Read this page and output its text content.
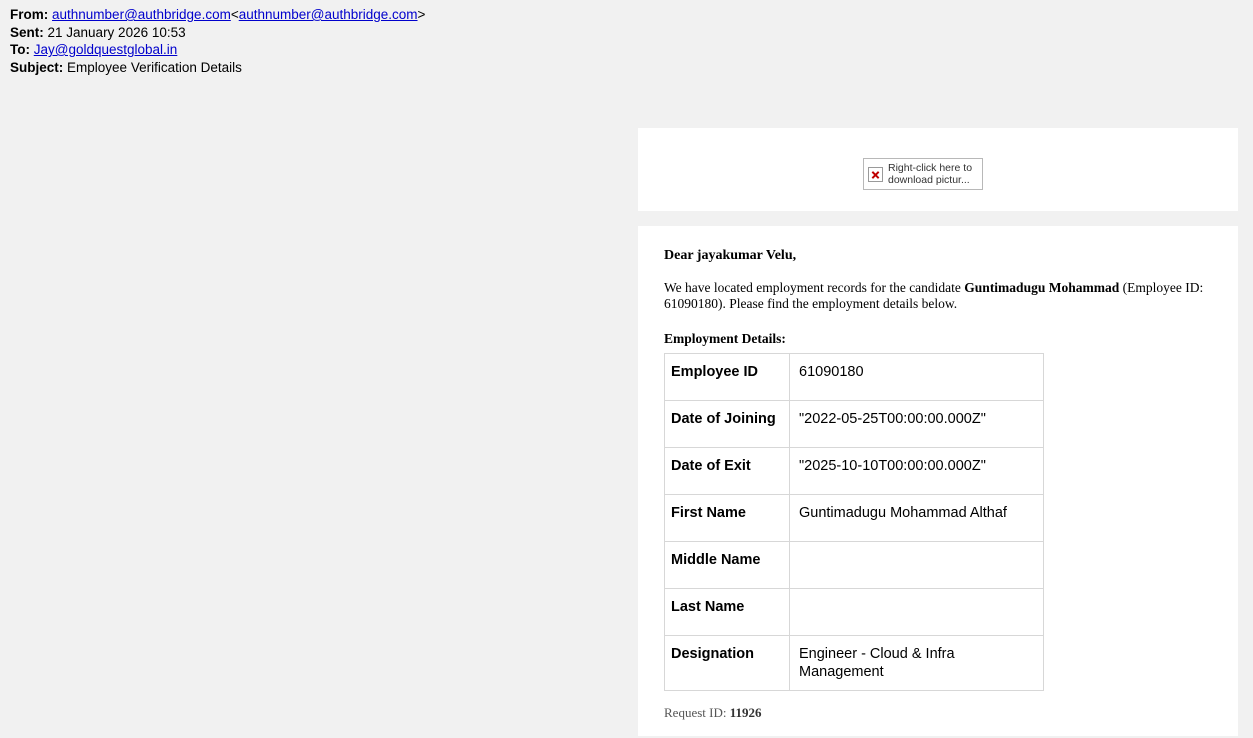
From: authnumber@authbridge.com<authnumber@authbridge.com>
Sent: 21 January 2026 10:53
To: Jay@goldquestglobal.in
Subject: Employee Verification Details
Right-click here to download pictur...

Dear jayakumar Velu,

We have located employment records for the candidate Guntimadugu Mohammad (Employee ID: 61090180). Please find the employment details below.

Employment Details:

Employee ID	61090180
Date of Joining	"2022-05-25T00:00:00.000Z"
Date of Exit	"2025-10-10T00:00:00.000Z"
First Name	Guntimadugu Mohammad Althaf
Middle Name	
Last Name	
Designation	Engineer - Cloud & Infra Management
Request ID: 11926
